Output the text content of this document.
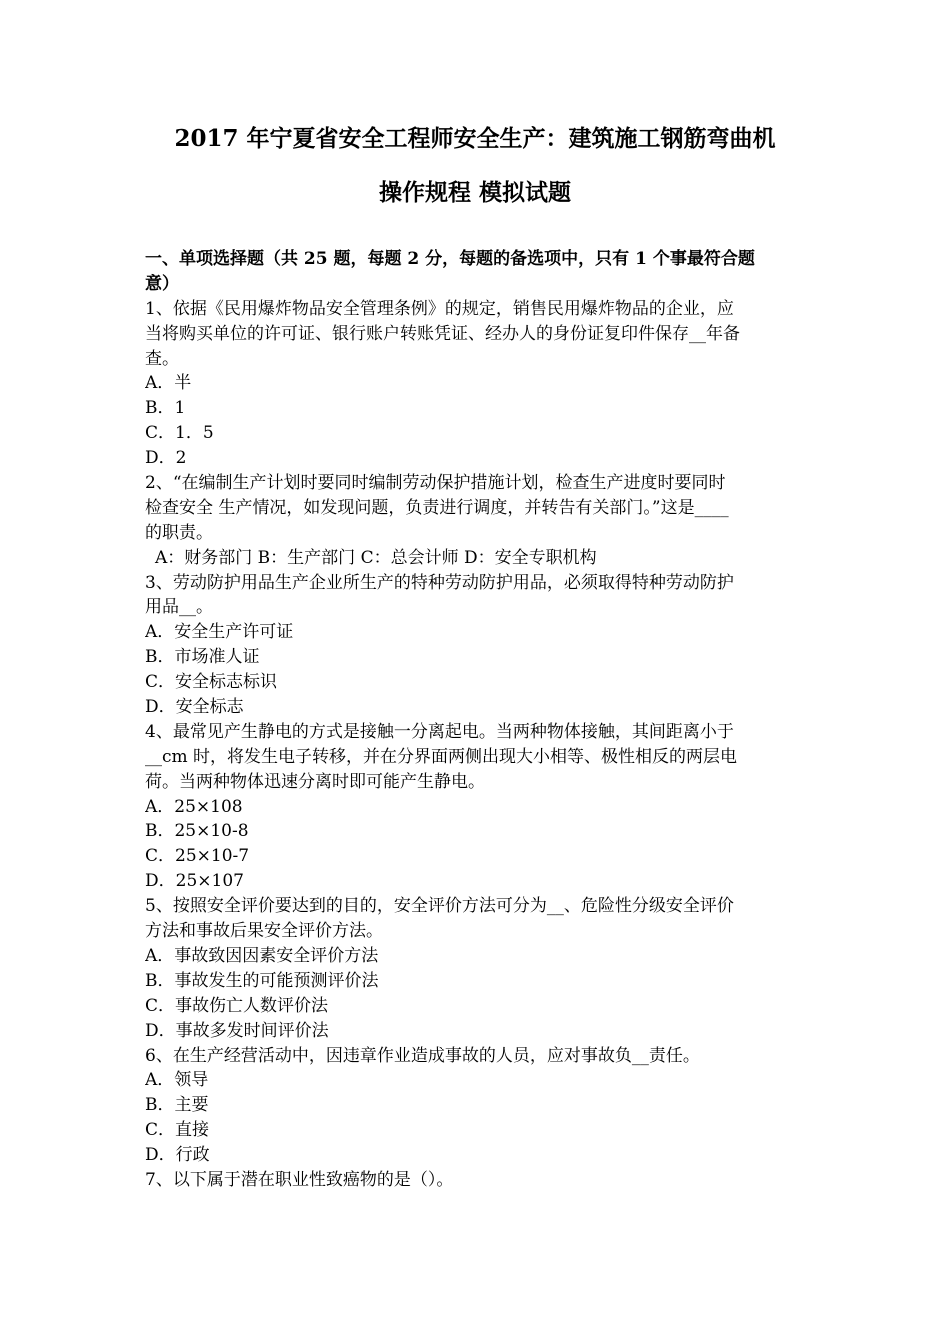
2017 年宁夏省安全工程师安全生产：建筑施工钢筋弯曲机
操作规程 模拟试题
一、单项选择题（共 25 题，每题 2 分，每题的备选项中，只有 1 个事最符合题
意）
1、依据《民用爆炸物品安全管理条例》的规定，销售民用爆炸物品的企业，应
当将购买单位的许可证、银行账户转账凭证、经办人的身份证复印件保存__年备
查。
A．半
B．1
C．1．5
D．2
2、“在编制生产计划时要同时编制劳动保护措施计划，检查生产进度时要同时
检查安全 生产情况，如发现问题，负责进行调度，并转告有关部门。”这是____
的职责。
A：财务部门 B：生产部门 C：总会计师 D：安全专职机构
3、劳动防护用品生产企业所生产的特种劳动防护用品，必须取得特种劳动防护
用品__。
A．安全生产许可证
B．市场准人证
C．安全标志标识
D．安全标志
4、最常见产生静电的方式是接触一分离起电。当两种物体接触，其间距离小于
__cm 时，将发生电子转移，并在分界面两侧出现大小相等、极性相反的两层电
荷。当两种物体迅速分离时即可能产生静电。
A．25×108
B．25×10-8
C．25×10-7
D．25×107
5、按照安全评价要达到的目的，安全评价方法可分为__、危险性分级安全评价
方法和事故后果安全评价方法。
A．事故致因因素安全评价方法
B．事故发生的可能预测评价法
C．事故伤亡人数评价法
D．事故多发时间评价法
6、在生产经营活动中，因违章作业造成事故的人员，应对事故负__责任。
A．领导
B．主要
C．直接
D．行政
7、以下属于潜在职业性致癌物的是（）。
